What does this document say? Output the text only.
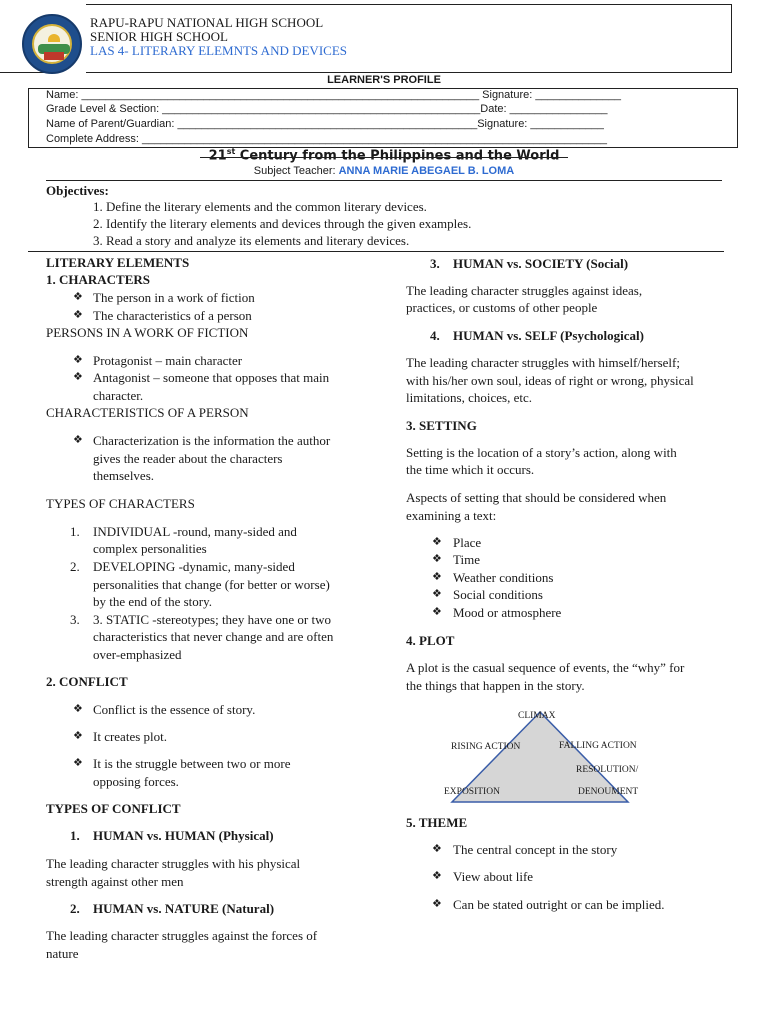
RAPU-RAPU NATIONAL HIGH SCHOOL
SENIOR HIGH SCHOOL
LAS 4- LITERARY ELEMNTS AND DEVICES
LEARNER'S PROFILE
Name: _________________________________________________________________ Signature: ______________
Grade Level & Section: ____________________________________________________Date: ________________
Name of Parent/Guardian: _________________________________________________Signature: ____________
Complete Address: ____________________________________________________________________________
21st Century from the Philippines and the World
Subject Teacher: ANNA MARIE ABEGAEL B. LOMA
Objectives:
1. Define the literary elements and the common literary devices.
2. Identify the literary elements and devices through the given examples.
3. Read a story and analyze its elements and literary devices.
LITERARY ELEMENTS
1. CHARACTERS
❖ The person in a work of fiction
❖ The characteristics of a person
PERSONS IN A WORK OF FICTION
❖ Protagonist – main character
❖ Antagonist – someone that opposes that main
character.
CHARACTERISTICS OF A PERSON
❖ Characterization is the information the author
gives the reader about the characters
themselves.
TYPES OF CHARACTERS
1. INDIVIDUAL -round, many-sided and
complex personalities
2. DEVELOPING -dynamic, many-sided
personalities that change (for better or worse)
by the end of the story.
3. 3. STATIC -stereotypes; they have one or two
characteristics that never change and are often
over-emphasized
2. CONFLICT
❖ Conflict is the essence of story.
❖ It creates plot.
❖ It is the struggle between two or more
opposing forces.
TYPES OF CONFLICT
1. HUMAN vs. HUMAN (Physical)
The leading character struggles with his physical
strength against other men
2. HUMAN vs. NATURE (Natural)
The leading character struggles against the forces of
nature
3. HUMAN vs. SOCIETY (Social)
The leading character struggles against ideas,
practices, or customs of other people
4. HUMAN vs. SELF (Psychological)
The leading character struggles with himself/herself;
with his/her own soul, ideas of right or wrong, physical
limitations, choices, etc.
3. SETTING
Setting is the location of a story’s action, along with
the time which it occurs.
Aspects of setting that should be considered when
examining a text:
❖ Place
❖ Time
❖ Weather conditions
❖ Social conditions
❖ Mood or atmosphere
4. PLOT
A plot is the casual sequence of events, the “why” for
the things that happen in the story.
CLIMAX
RISING ACTION	FALLING ACTION
RESOLUTION/
EXPOSITION	DENOUMENT
5. THEME
❖ The central concept in the story
❖ View about life
❖ Can be stated outright or can be implied.
